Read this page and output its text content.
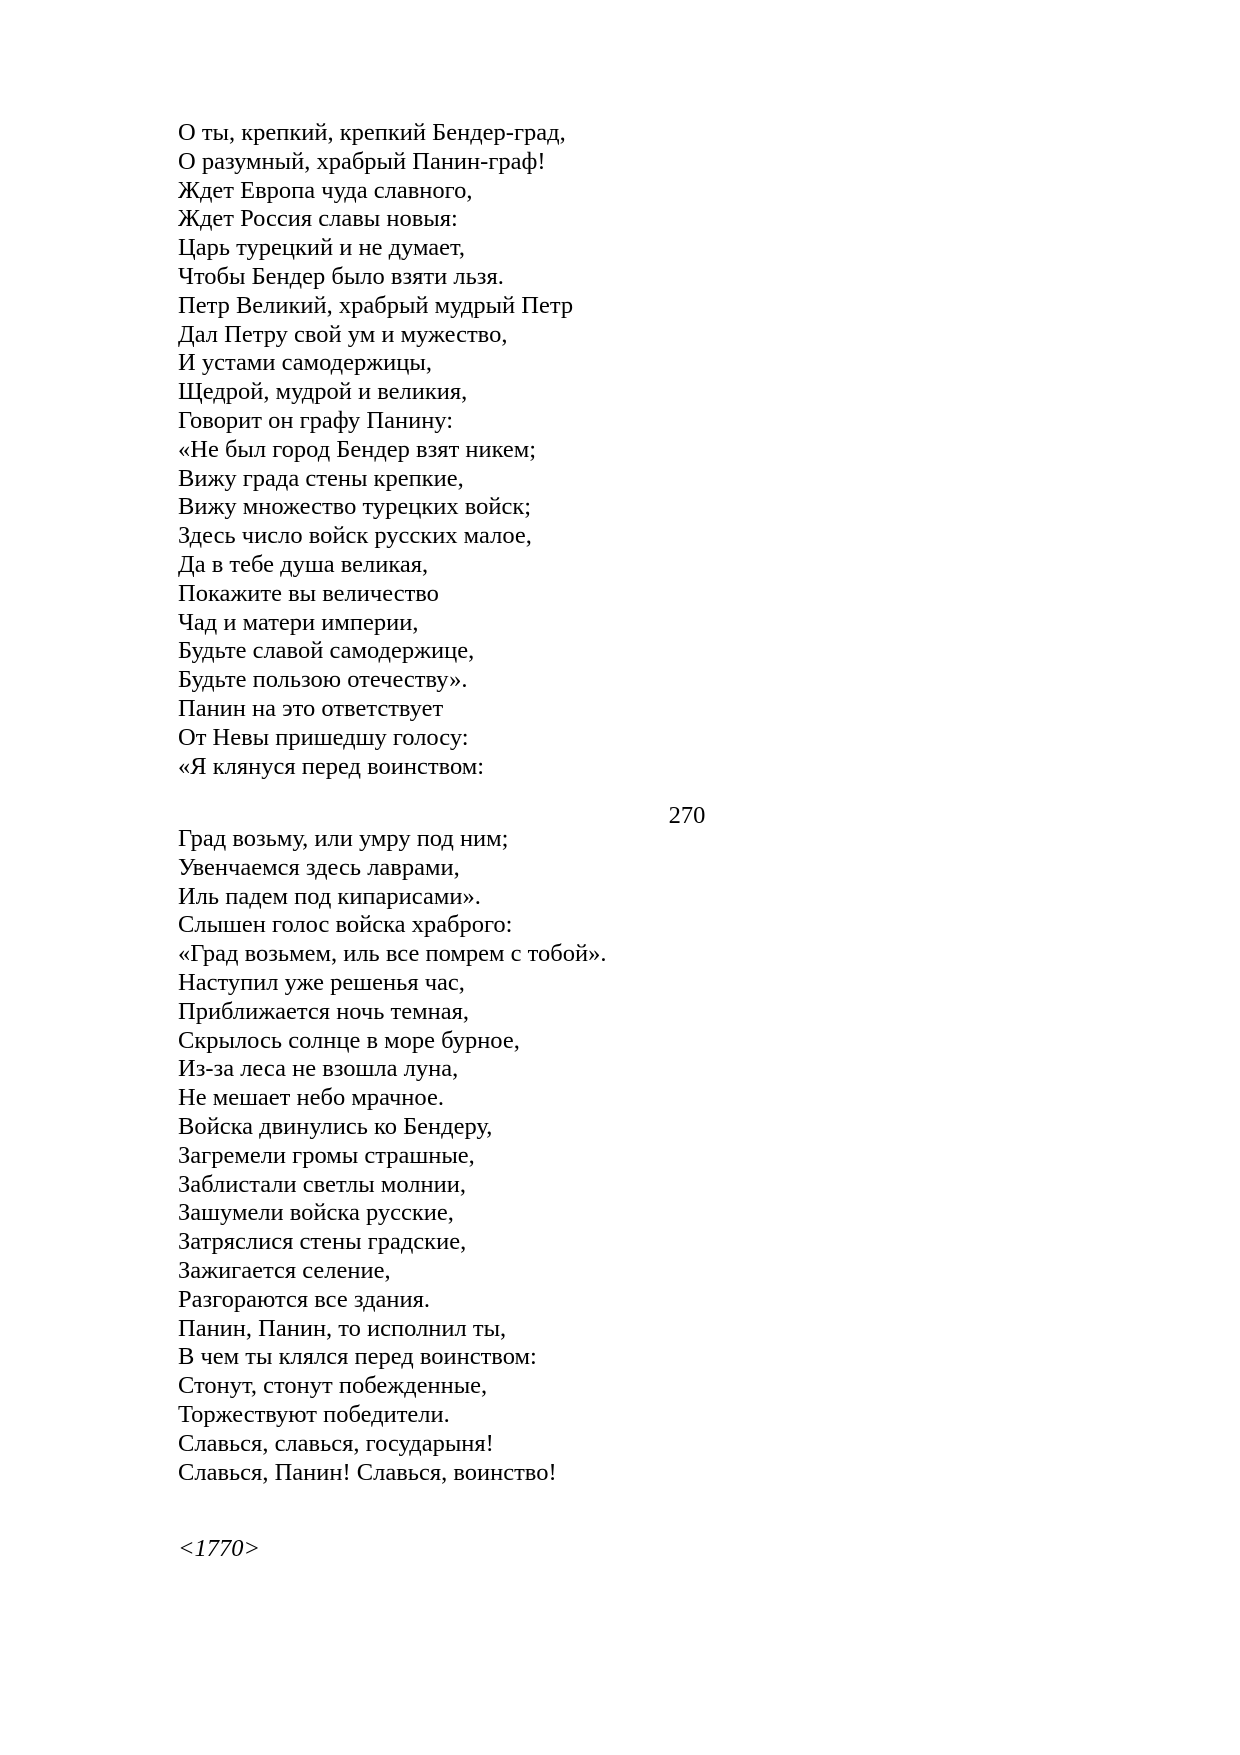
О ты, крепкий, крепкий Бендер-град,
О разумный, храбрый Панин-граф!
Ждет Европа чуда славного,
Ждет Россия славы новыя:
Царь турецкий и не думает,
Чтобы Бендер было взяти льзя.
Петр Великий, храбрый мудрый Петр
Дал Петру свой ум и мужество,
И устами самодержицы,
Щедрой, мудрой и великия,
Говорит он графу Панину:
«Не был город Бендер взят никем;
Вижу града стены крепкие,
Вижу множество турецких войск;
Здесь число войск русских малое,
Да в тебе душа великая,
Покажите вы величество
Чад и матери империи,
Будьте славой самодержице,
Будьте пользою отечеству».
Панин на это ответствует
От Невы пришедшу голосу:
«Я клянуся перед воинством:
270
Град возьму, или умру под ним;
Увенчаемся здесь лаврами,
Иль падем под кипарисами».
Слышен голос войска храброго:
«Град возьмем, иль все помрем с тобой».
Наступил уже решенья час,
Приближается ночь темная,
Скрылось солнце в море бурное,
Из-за леса не взошла луна,
Не мешает небо мрачное.
Войска двинулись ко Бендеру,
Загремели громы страшные,
Заблистали светлы молнии,
Зашумели войска русские,
Затряслися стены градские,
Зажигается селение,
Разгораются все здания.
Панин, Панин, то исполнил ты,
В чем ты клялся перед воинством:
Стонут, стонут побежденные,
Торжествуют победители.
Славься, славься, государыня!
Славься, Панин! Славься, воинство!
<1770>
